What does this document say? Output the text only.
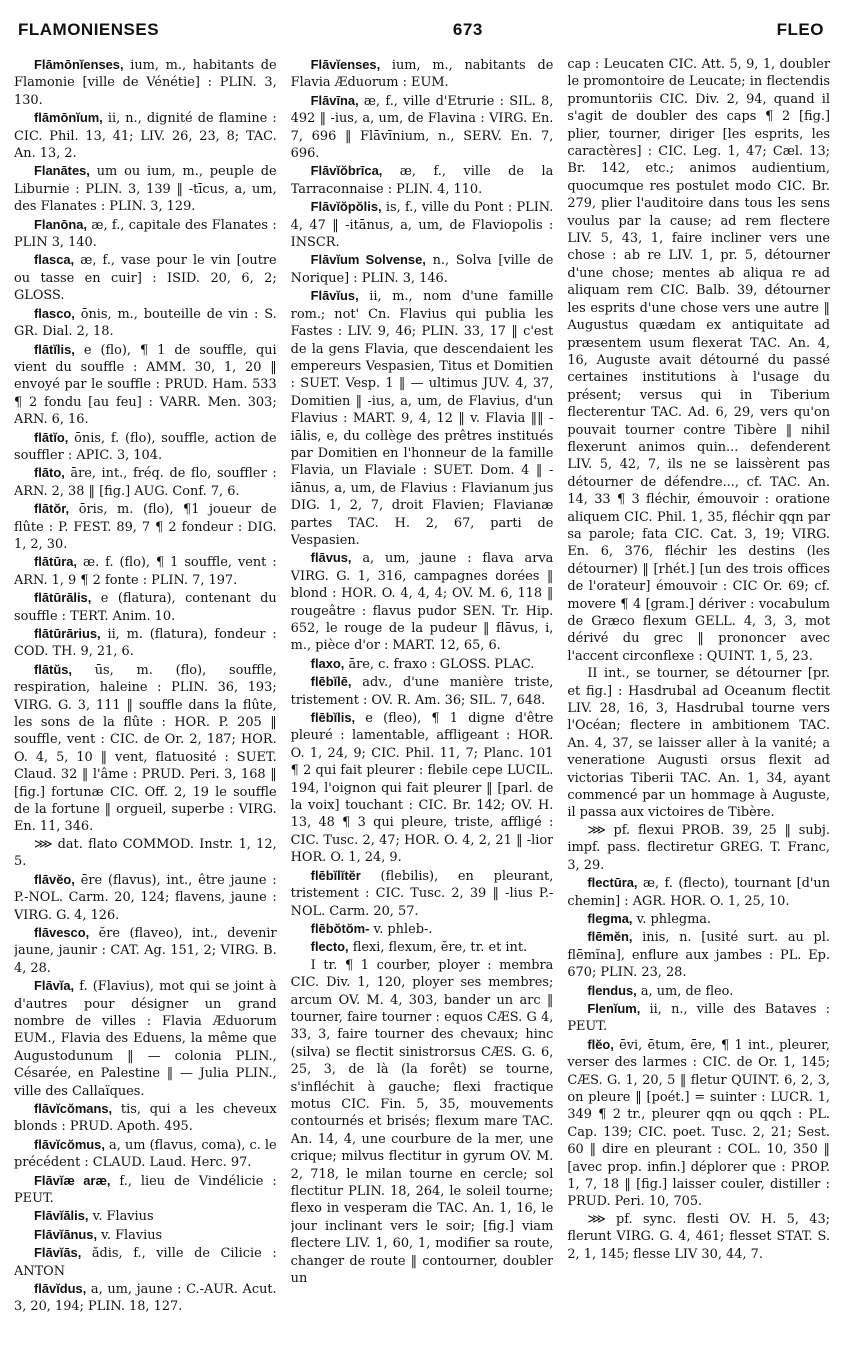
FLAMONIENSES	673	FLEO

Flāmōnĭenses, ium, m., habitants de Flamonie [ville de Vénétie] : PLIN. 3, 130.

flāmōnĭum, ii, n., dignité de flamine : CIC. Phil. 13, 41; LIV. 26, 23, 8; TAC. An. 13, 2.

Flanātes, um ou ium, m., peuple de Liburnie : PLIN. 3, 139 ‖ -tīcus, a, um, des Flanates : PLIN. 3, 129.

Flanōna, æ, f., capitale des Flanates : PLIN 3, 140.

flasca, æ, f., vase pour le vin [outre ou tasse en cuir] : ISID. 20, 6, 2; GLOSS.

flasco, ōnis, m., bouteille de vin : S. GR. Dial. 2, 18.

flātĭlis, e (flo), ¶ 1 de souffle, qui vient du souffle : AMM. 30, 1, 20 ‖ envoyé par le souffle : PRUD. Ham. 533 ¶ 2 fondu [au feu] : VARR. Men. 303; ARN. 6, 16.

flātĭo, ōnis, f. (flo), souffle, action de souffler : APIC. 3, 104.

flāto, āre, int., fréq. de flo, souffler : ARN. 2, 38 ‖ [fig.] AUG. Conf. 7, 6.

flātŏr, ōris, m. (flo), ¶1 joueur de flûte : P. FEST. 89, 7 ¶ 2 fondeur : DIG. 1, 2, 30.

flātūra, æ. f. (flo), ¶ 1 souffle, vent : ARN. 1, 9 ¶ 2 fonte : PLIN. 7, 197.

flātūrālis, e (flatura), contenant du souffle : TERT. Anim. 10.

flātūrārius, ii, m. (flatura), fondeur : COD. TH. 9, 21, 6.

flātŭs, ūs, m. (flo), souffle, respiration, haleine : PLIN. 36, 193; VIRG. G. 3, 111 ‖ souffle dans la flûte, les sons de la flûte : HOR. P. 205 ‖ souffle, vent : CIC. de Or. 2, 187; HOR. O. 4, 5, 10 ‖ vent, flatuosité : SUET. Claud. 32 ‖ l'âme : PRUD. Peri. 3, 168 ‖ [fig.] fortunæ CIC. Off. 2, 19 le souffle de la fortune ‖ orgueil, superbe : VIRG. En. 11, 346.

⋙ dat. flato COMMOD. Instr. 1, 12, 5.

flāvĕo, ēre (flavus), int., être jaune : P.-NOL. Carm. 20, 124; flavens, jaune : VIRG. G. 4, 126.

flāvesco, ĕre (flaveo), int., devenir jaune, jaunir : CAT. Ag. 151, 2; VIRG. B. 4, 28.

Flāvĭa, f. (Flavius), mot qui se joint à d'autres pour désigner un grand nombre de villes : Flavia Æduorum EUM., Flavia des Eduens, la même que Augustodunum ‖ — colonia PLIN., Césarée, en Palestine ‖ — Julia PLIN., ville des Callaïques.

flāvĭcŏmans, tis, qui a les cheveux blonds : PRUD. Apoth. 495.

flāvĭcŏmus, a, um (flavus, coma), c. le précédent : CLAUD. Laud. Herc. 97.

Flāvĭæ aræ, f., lieu de Vindélicie : PEUT.

Flāvĭālis, v. Flavius

Flāvĭānus, v. Flavius

Flāvĭās, ădis, f., ville de Cilicie : ANTON

flāvĭdus, a, um, jaune : C.-AUR. Acut. 3, 20, 194; PLIN. 18, 127.

Flāvĭenses, ium, m., nabitants de Flavia Æduorum : EUM.

Flāvīna, æ, f., ville d'Etrurie : SIL. 8, 492 ‖ -ius, a, um, de Flavina : VIRG. En. 7, 696 ‖ Flāvīnium, n., SERV. En. 7, 696.

Flāvĭŏbrīca, æ, f., ville de la Tarraconnaise : PLIN. 4, 110.

Flāvĭŏpŏlis, is, f., ville du Pont : PLIN. 4, 47 ‖ -itānus, a, um, de Flaviopolis : INSCR.

Flāvĭum Solvense, n., Solva [ville de Norique] : PLIN. 3, 146.

Flāvĭus, ii, m., nom d'une famille rom.; not' Cn. Flavius qui publia les Fastes : LIV. 9, 46; PLIN. 33, 17 ‖ c'est de la gens Flavia, que descendaient les empereurs Vespasien, Titus et Domitien : SUET. Vesp. 1 ‖ — ultimus JUV. 4, 37, Domitien ‖ -ius, a, um, de Flavius, d'un Flavius : MART. 9, 4, 12 ‖ v. Flavia ‖‖ -iālis, e, du collège des prêtres institués par Domitien en l'honneur de la famille Flavia, un Flaviale : SUET. Dom. 4 ‖ -iānus, a, um, de Flavius : Flavianum jus DIG. 1, 2, 7, droit Flavien; Flavianæ partes TAC. H. 2, 67, parti de Vespasien.

flāvus, a, um, jaune : flava arva VIRG. G. 1, 316, campagnes dorées ‖ blond : HOR. O. 4, 4, 4; OV. M. 6, 118 ‖ rougeâtre : flavus pudor SEN. Tr. Hip. 652, le rouge de la pudeur ‖ flāvus, i, m., pièce d'or : MART. 12, 65, 6.

flaxo, āre, c. fraxo : GLOSS. PLAC.

flēbĭlē, adv., d'une manière triste, tristement : OV. R. Am. 36; SIL. 7, 648.

flēbĭlis, e (fleo), ¶ 1 digne d'être pleuré : lamentable, affligeant : HOR. O. 1, 24, 9; CIC. Phil. 11, 7; Planc. 101 ¶ 2 qui fait pleurer : flebile cepe LUCIL. 194, l'oignon qui fait pleurer ‖ [parl. de la voix] touchant : CIC. Br. 142; OV. H. 13, 48 ¶ 3 qui pleure, triste, affligé : CIC. Tusc. 2, 47; HOR. O. 4, 2, 21 ‖ -lior HOR. O. 1, 24, 9.

flēbĭlĭtĕr (flebilis), en pleurant, tristement : CIC. Tusc. 2, 39 ‖ -lius P.-NOL. Carm. 20, 57.

flēbŏtŏm- v. phleb-.

flecto, flexi, flexum, ĕre, tr. et int.

I tr. ¶ 1 courber, ployer : membra CIC. Div. 1, 120, ployer ses membres; arcum OV. M. 4, 303, bander un arc ‖ tourner, faire tourner : equos CÆS. G 4, 33, 3, faire tourner des chevaux; hinc (silva) se flectit sinistrorsus CÆS. G. 6, 25, 3, de là (la forêt) se tourne, s'infléchit à gauche; flexi fractique motus CIC. Fin. 5, 35, mouvements contournés et brisés; flexum mare TAC. An. 14, 4, une courbure de la mer, une crique; milvus flectitur in gyrum OV. M. 2, 718, le milan tourne en cercle; sol flectitur PLIN. 18, 264, le soleil tourne; flexo in vesperam die TAC. An. 1, 16, le jour inclinant vers le soir; [fig.] viam flectere LIV. 1, 60, 1, modifier sa route, changer de route ‖ contourner, doubler un

cap : Leucaten CIC. Att. 5, 9, 1, doubler le promontoire de Leucate; in flectendis promuntoriis CIC. Div. 2, 94, quand il s'agit de doubler des caps ¶ 2 [fig.] plier, tourner, diriger [les esprits, les caractères] : CIC. Leg. 1, 47; Cæl. 13; Br. 142, etc.; animos audientium, quocumque res postulet modo CIC. Br. 279, plier l'auditoire dans tous les sens voulus par la cause; ad rem flectere LIV. 5, 43, 1, faire incliner vers une chose : ab re LIV. 1, pr. 5, détourner d'une chose; mentes ab aliqua re ad aliquam rem CIC. Balb. 39, détourner les esprits d'une chose vers une autre ‖ Augustus quædam ex antiquitate ad præsentem usum flexerat TAC. An. 4, 16, Auguste avait détourné du passé certaines institutions à l'usage du présent; versus qui in Tiberium flecterentur TAC. Ad. 6, 29, vers qu'on pouvait tourner contre Tibère ‖ nihil flexerunt animos quin... defenderent LIV. 5, 42, 7, ils ne se laissèrent pas détourner de défendre..., cf. TAC. An. 14, 33 ¶ 3 fléchir, émouvoir : oratione aliquem CIC. Phil. 1, 35, fléchir qqn par sa parole; fata CIC. Cat. 3, 19; VIRG. En. 6, 376, fléchir les destins (les détourner) ‖ [rhét.] [un des trois offices de l'orateur] émouvoir : CIC Or. 69; cf. movere ¶ 4 [gram.] dériver : vocabulum de Græco flexum GELL. 4, 3, 3, mot dérivé du grec ‖ prononcer avec l'accent circonflexe : QUINT. 1, 5, 23.

II int., se tourner, se détourner [pr. et fig.] : Hasdrubal ad Oceanum flectit LIV. 28, 16, 3, Hasdrubal tourne vers l'Océan; flectere in ambitionem TAC. An. 4, 37, se laisser aller à la vanité; a veneratione Augusti orsus flexit ad victorias Tiberii TAC. An. 1, 34, ayant commencé par un hommage à Auguste, il passa aux victoires de Tibère.

⋙ pf. flexui PROB. 39, 25 ‖ subj. impf. pass. flectiretur GREG. T. Franc, 3, 29.

flectūra, æ, f. (flecto), tournant [d'un chemin] : AGR. HOR. O. 1, 25, 10.

flegma, v. phlegma.

flēmĕn, inis, n. [usité surt. au pl. flēmĭna], enflure aux jambes : PL. Ep. 670; PLIN. 23, 28.

flendus, a, um, de fleo.

Flenĭum, ii, n., ville des Bataves : PEUT.

flĕo, ēvi, ētum, ēre, ¶ 1 int., pleurer, verser des larmes : CIC. de Or. 1, 145; CÆS. G. 1, 20, 5 ‖ fletur QUINT. 6, 2, 3, on pleure ‖ [poét.] = suinter : LUCR. 1, 349 ¶ 2 tr., pleurer qqn ou qqch : PL. Cap. 139; CIC. poet. Tusc. 2, 21; Sest. 60 ‖ dire en pleurant : COL. 10, 350 ‖ [avec prop. infin.] déplorer que : PROP. 1, 7, 18 ‖ [fig.] laisser couler, distiller : PRUD. Peri. 10, 705.

⋙ pf. sync. flesti OV. H. 5, 43; flerunt VIRG. G. 4, 461; flesset STAT. S. 2, 1, 145; flesse LIV 30, 44, 7.
